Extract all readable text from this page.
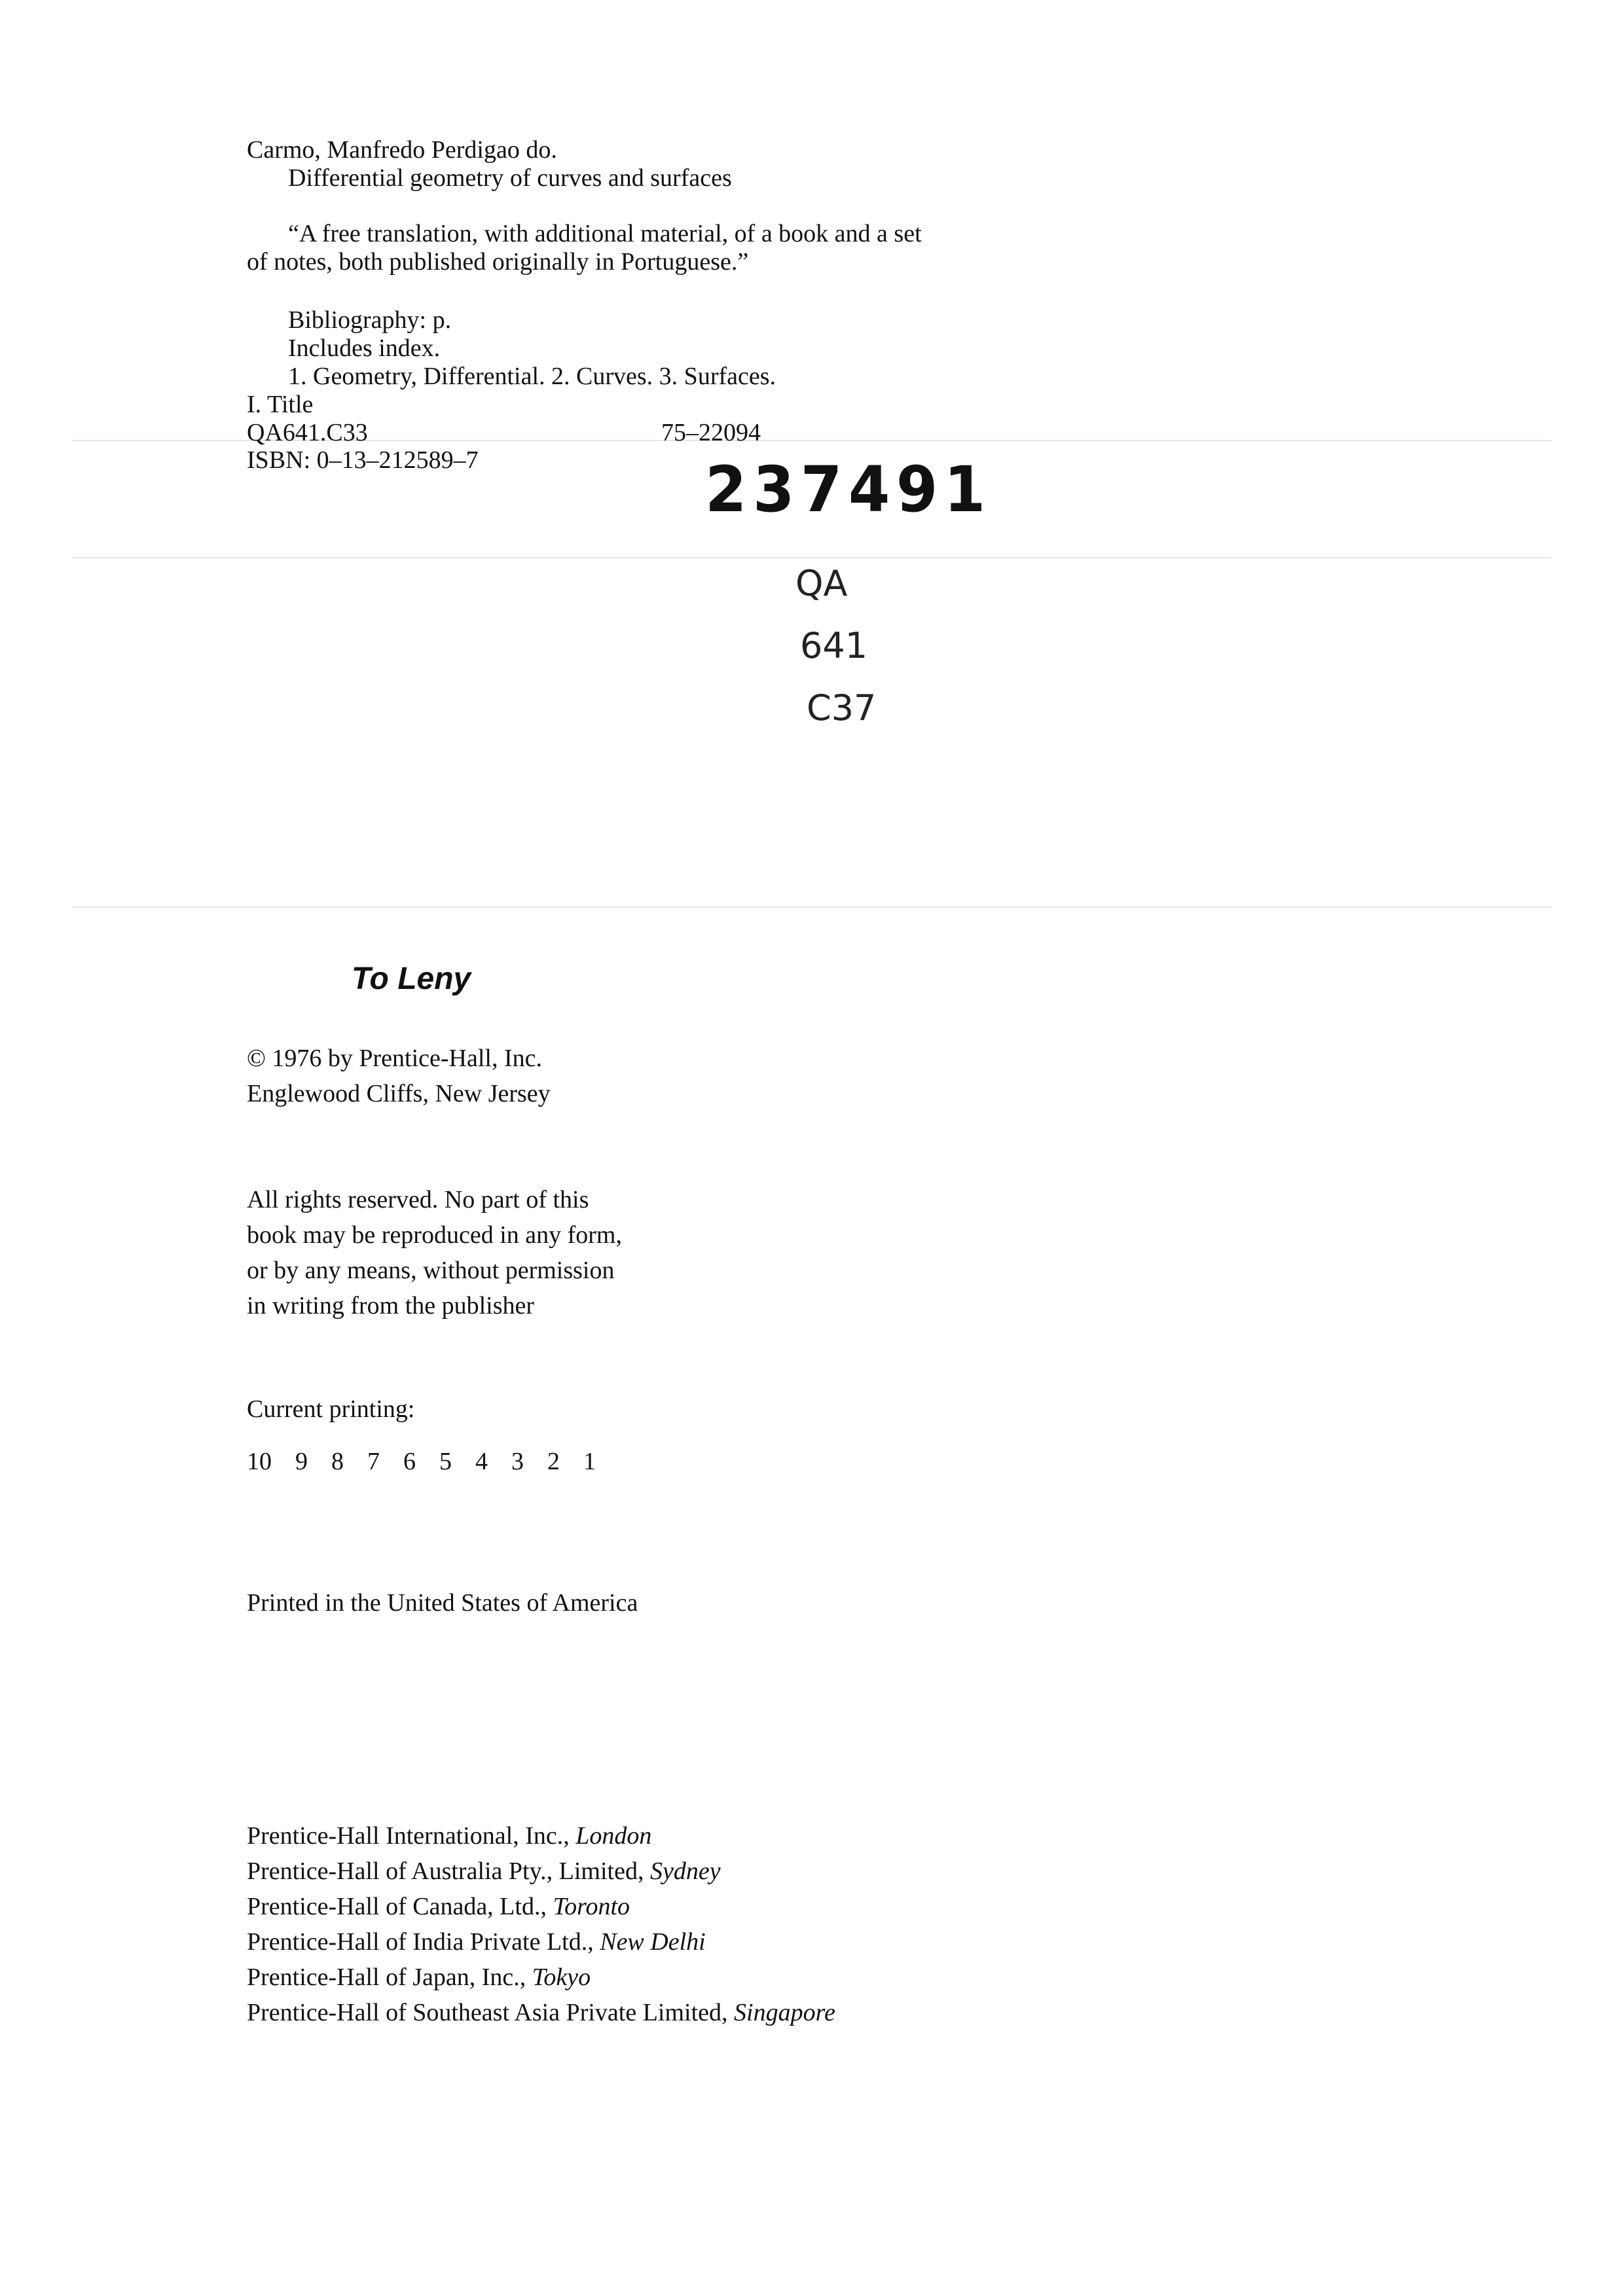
Carmo, Manfredo Perdigao do.
Differential geometry of curves and surfaces
“A free translation, with additional material, of a book and a set of notes, both published originally in Portuguese.”
Bibliography: p.
Includes index.
1. Geometry, Differential. 2. Curves. 3. Surfaces.
I. Title
QA641.C33	75–22094
ISBN: 0–13–212589–7	237491
QA
641
C37
To Leny
© 1976 by Prentice-Hall, Inc.
Englewood Cliffs, New Jersey
All rights reserved. No part of this
book may be reproduced in any form,
or by any means, without permission
in writing from the publisher
Current printing:
10 9 8 7 6 5 4 3 2 1
Printed in the United States of America
Prentice-Hall International, Inc., London
Prentice-Hall of Australia Pty., Limited, Sydney
Prentice-Hall of Canada, Ltd., Toronto
Prentice-Hall of India Private Ltd., New Delhi
Prentice-Hall of Japan, Inc., Tokyo
Prentice-Hall of Southeast Asia Private Limited, Singapore
